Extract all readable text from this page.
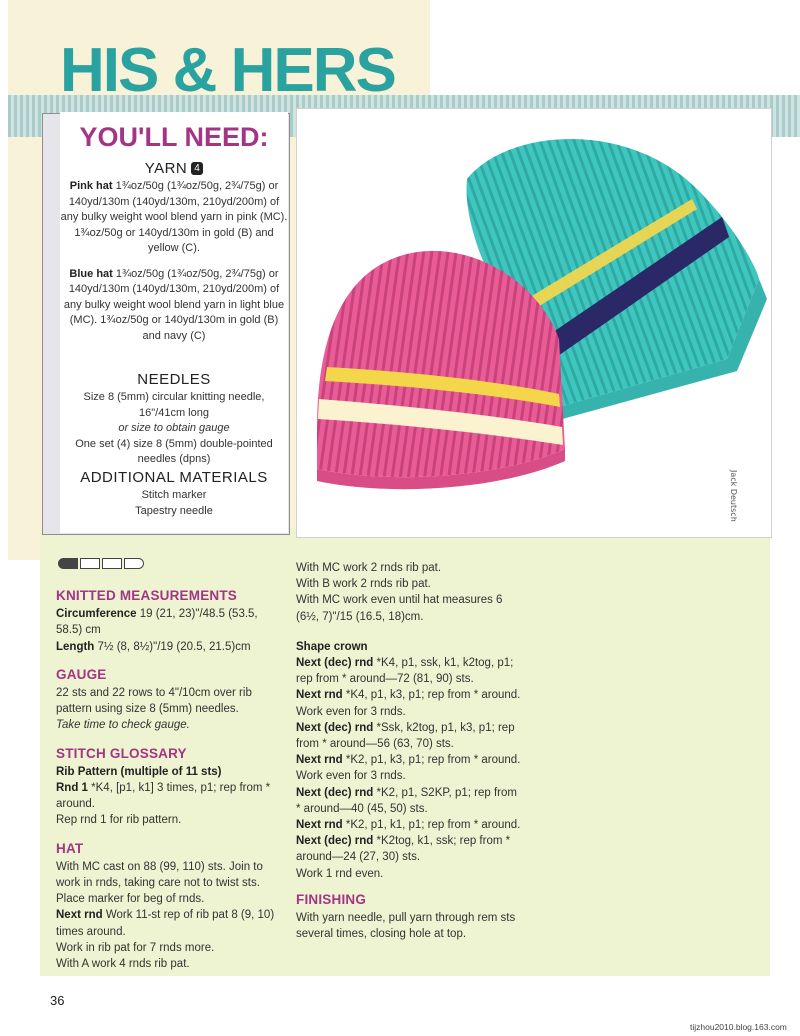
HIS & HERS
YOU'LL NEED:
YARN 4

Pink hat 1¾oz/50g (1¾oz/50g, 2¾/75g) or 140yd/130m (140yd/130m, 210yd/200m) of any bulky weight wool blend yarn in pink (MC). 1¾oz/50g or 140yd/130m in gold (B) and yellow (C).

Blue hat 1¾oz/50g (1¾oz/50g, 2¾/75g) or 140yd/130m (140yd/130m, 210yd/200m) of any bulky weight wool blend yarn in light blue (MC). 1¾oz/50g or 140yd/130m in gold (B) and navy (C)

NEEDLES

Size 8 (5mm) circular knitting needle, 16"/41cm long

or size to obtain gauge

One set (4) size 8 (5mm) double-pointed needles (dpns)

ADDITIONAL MATERIALS

Stitch marker

Tapestry needle	Jack Deutsch
KNITTED MEASUREMENTS

Circumference 19 (21, 23)"/48.5 (53.5, 58.5) cm

Length 7½ (8, 8½)"/19 (20.5, 21.5)cm

GAUGE

22 sts and 22 rows to 4"/10cm over rib pattern using size 8 (5mm) needles.

Take time to check gauge.

STITCH GLOSSARY

Rib Pattern (multiple of 11 sts)

Rnd 1 *K4, [p1, k1] 3 times, p1; rep from * around.

Rep rnd 1 for rib pattern.

HAT

With MC cast on 88 (99, 110) sts. Join to work in rnds, taking care not to twist sts. Place marker for beg of rnds.

Next rnd Work 11-st rep of rib pat 8 (9, 10) times around.

Work in rib pat for 7 rnds more.

With A work 4 rnds rib pat.

With MC work 2 rnds rib pat.

With B work 2 rnds rib pat.

With MC work even until hat measures 6 (6½, 7)"/15 (16.5, 18)cm.

Shape crown

Next (dec) rnd *K4, p1, ssk, k1, k2tog, p1; rep from * around—72 (81, 90) sts.

Next rnd *K4, p1, k3, p1; rep from * around.

Work even for 3 rnds.

Next (dec) rnd *Ssk, k2tog, p1, k3, p1; rep from * around—56 (63, 70) sts.

Next rnd *K2, p1, k3, p1; rep from * around.

Work even for 3 rnds.

Next (dec) rnd *K2, p1, S2KP, p1; rep from * around—40 (45, 50) sts.

Next rnd *K2, p1, k1, p1; rep from * around.

Next (dec) rnd *K2tog, k1, ssk; rep from * around—24 (27, 30) sts.

Work 1 rnd even.

FINISHING

With yarn needle, pull yarn through rem sts several times, closing hole at top.

36
tijzhou2010.blog.163.com
